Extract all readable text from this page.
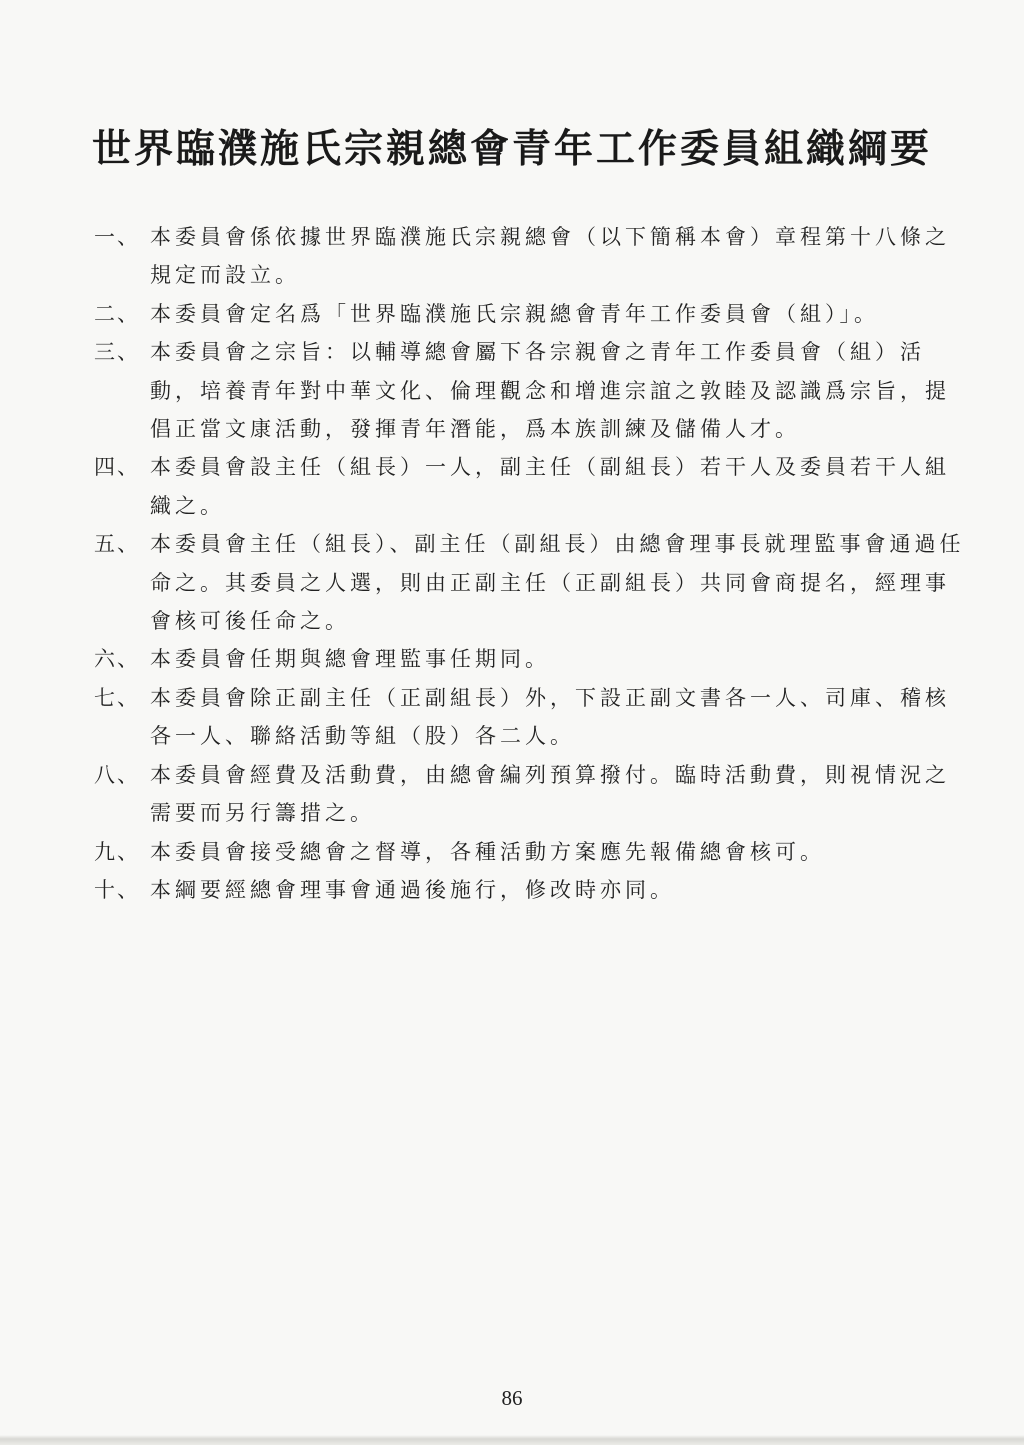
世界臨濮施氏宗親總會青年工作委員組織綱要
一、 本委員會係依據世界臨濮施氏宗親總會（以下簡稱本會）章程第十八條之規定而設立。
二、 本委員會定名爲「世界臨濮施氏宗親總會青年工作委員會（組）」。
三、 本委員會之宗旨：以輔導總會屬下各宗親會之青年工作委員會（組）活動，培養青年對中華文化、倫理觀念和增進宗誼之敦睦及認識爲宗旨，提倡正當文康活動，發揮青年潛能，爲本族訓練及儲備人才。
四、 本委員會設主任（組長）一人，副主任（副組長）若干人及委員若干人組織之。
五、 本委員會主任（組長）、副主任（副組長）由總會理事長就理監事會通過任命之。其委員之人選，則由正副主任（正副組長）共同會商提名，經理事會核可後任命之。
六、 本委員會任期與總會理監事任期同。
七、 本委員會除正副主任（正副組長）外，下設正副文書各一人、司庫、稽核各一人、聯絡活動等組（股）各二人。
八、 本委員會經費及活動費，由總會編列預算撥付。臨時活動費，則視情況之需要而另行籌措之。
九、 本委員會接受總會之督導，各種活動方案應先報備總會核可。
十、 本綱要經總會理事會通過後施行，修改時亦同。
86
